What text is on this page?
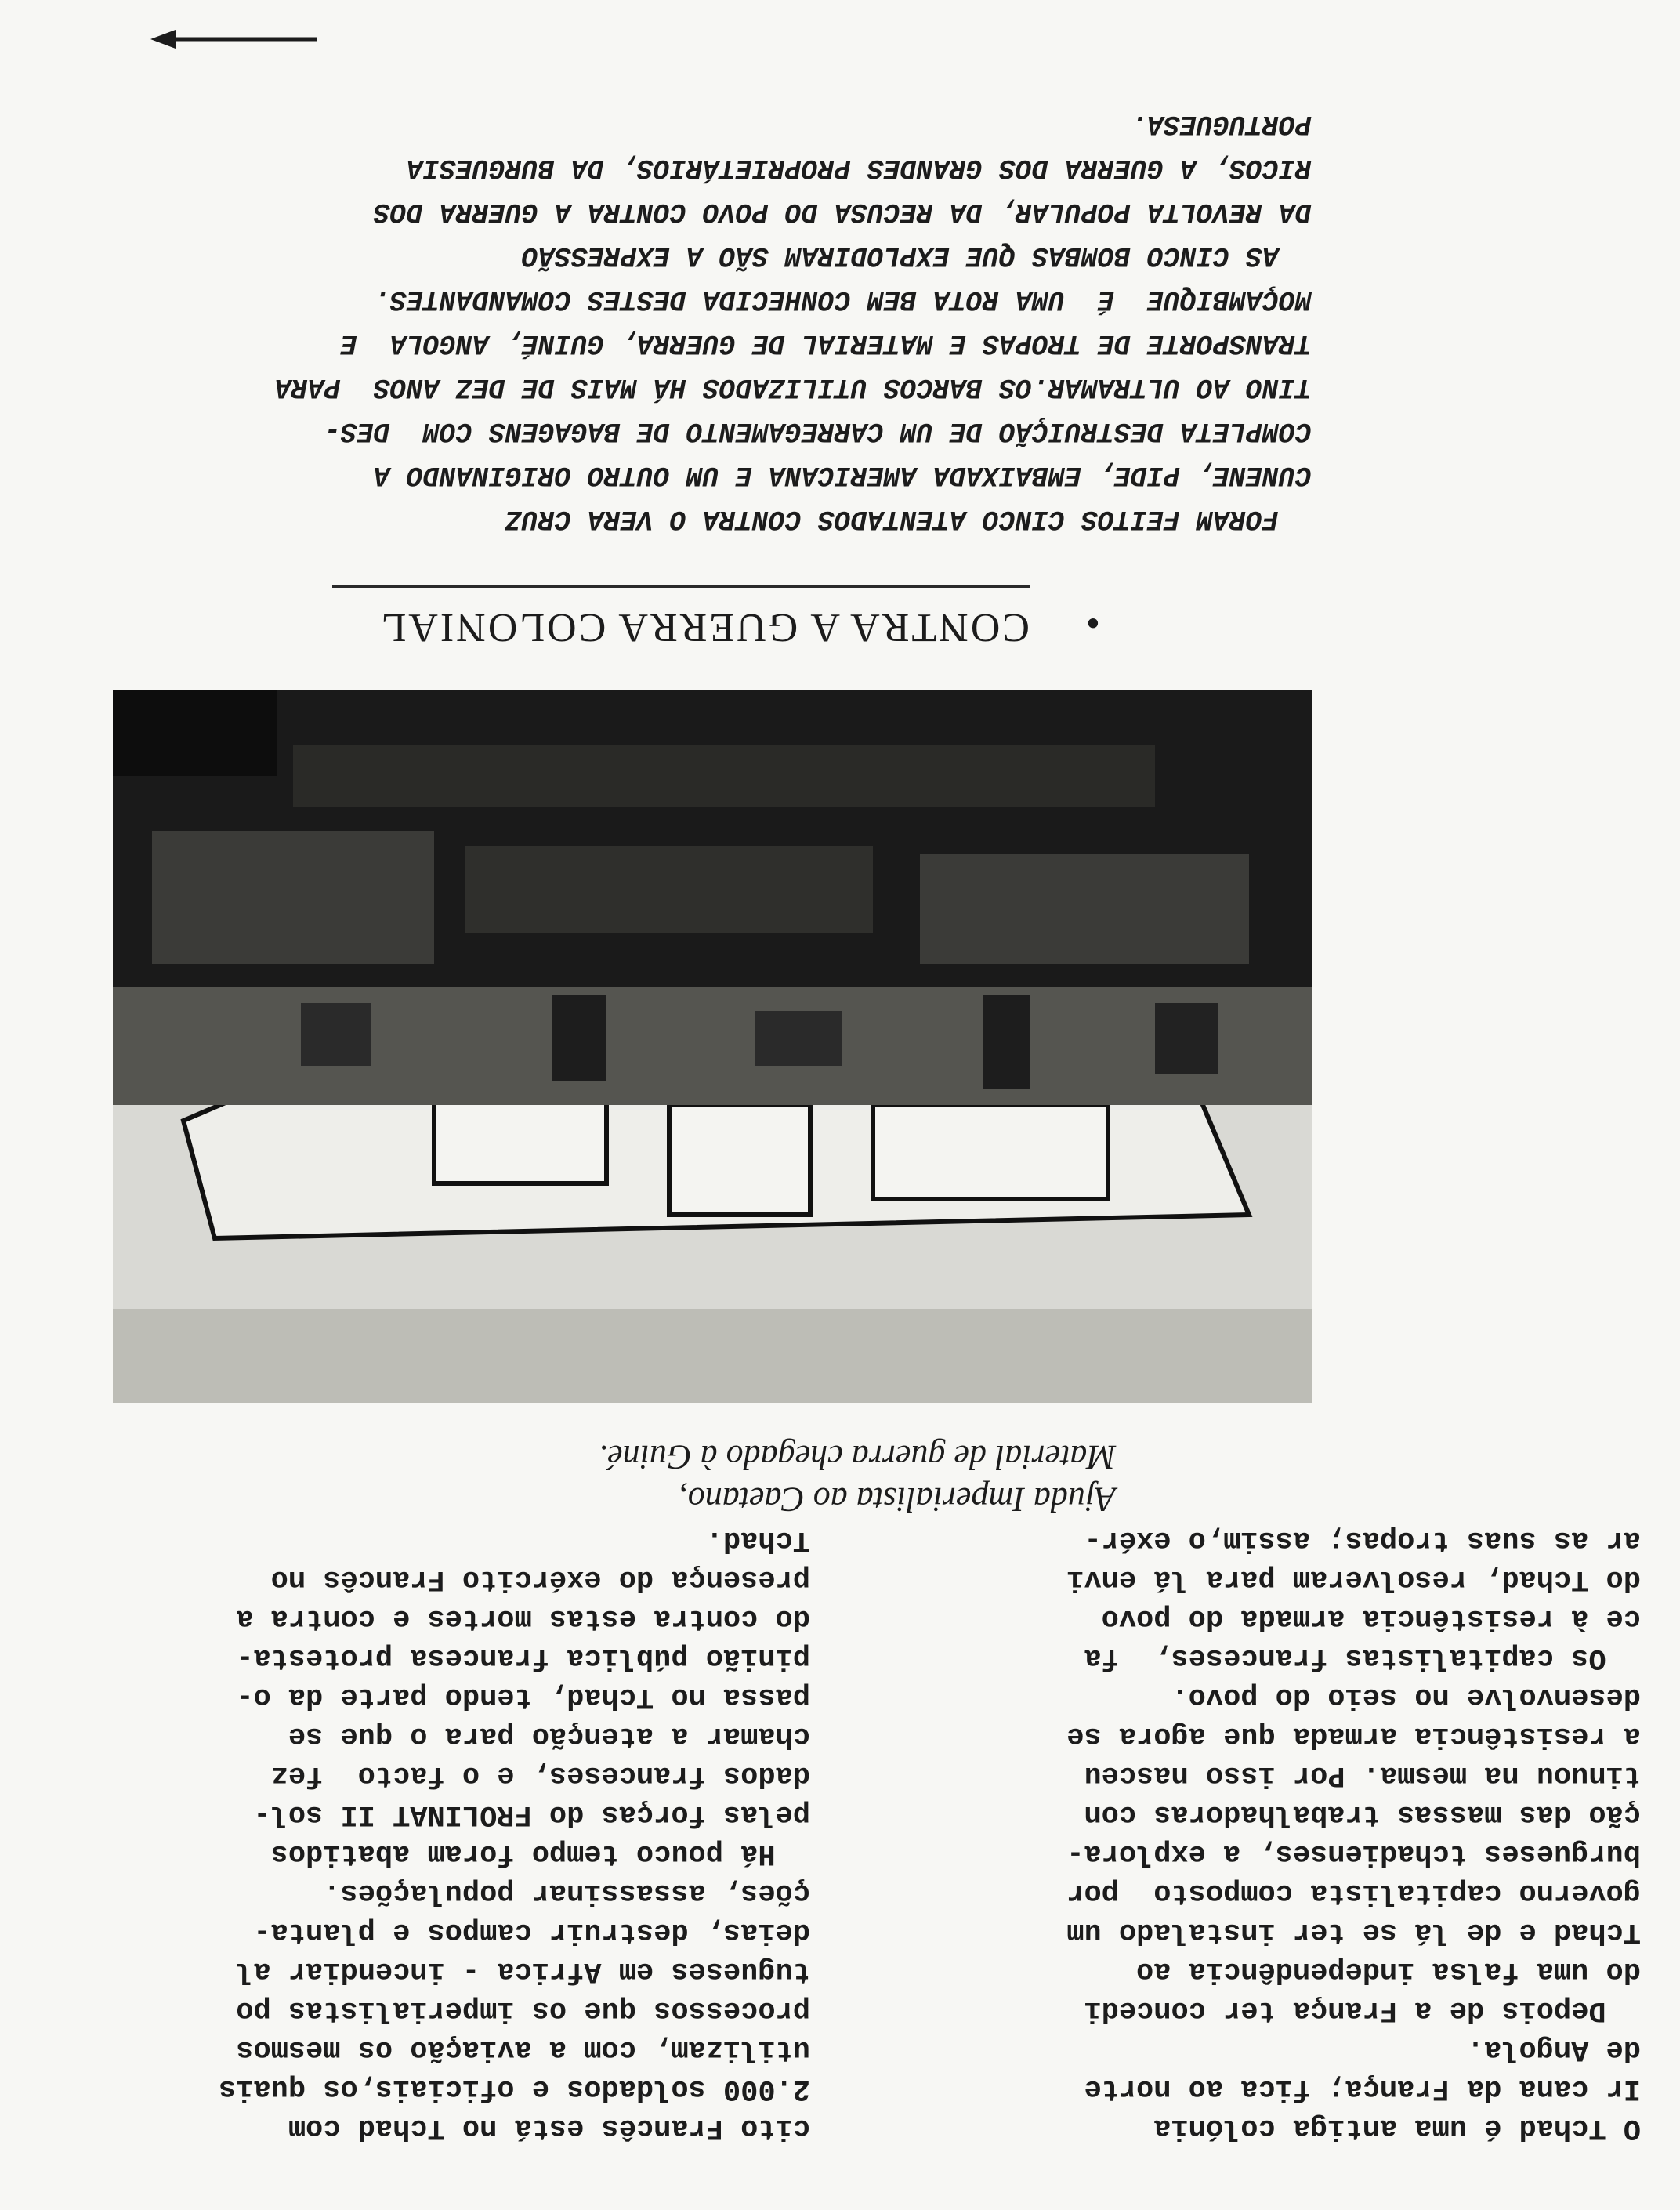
O Tchad é uma antiga colónia
Ir cana da França; fica ao norte
de Angola.
Depois de a França ter concedi
do uma falsa independência ao
Tchad e de lá se ter instalado um
governo capitalista composto  por
burgueses tchadienses, a explora-
ção das massas trabalhadoras con
tinuou na mesma. Por isso nasceu
a resistência armada que agora se
desenvolve no seio do povo.
Os capitalistas franceses,  fa
ce à resistência armada do povo
do Tchad, resolveram para lá envi
ar as suas tropas; assim,o exér-
cito Francês está no Tchad com
2.000 soldados e oficiais,os quais
utilizam, com a aviação os mesmos
processos que os imperialistas po
tugueses em Africa - incendiar al
deias, destruir campos e planta-
ções, assassinar populações.
Há pouco tempo foram abatidos
pelas forças do FROLINAT II sol-
dados franceses, e o facto  fez
chamar a atenção para o que se
passa no Tchad, tendo parte da o-
pinião pública francesa protesta-
do contra estas mortes e contra a
presença do exército Francês no
Tchad.
Ajuda Imperialista ao Caetano,
Material de guerra chegado à Guiné.
•
CONTRA A GUERRA COLONIAL
FORAM FEITOS CINCO ATENTADOS CONTRA O VERA CRUZ
CUNENE, PIDE, EMBAIXADA AMERICANA E UM OUTRO ORIGINANDO A
COMPLETA DESTRUIÇÃO DE UM CARREGAMENTO DE BAGAGENS COM  DES-
TINO AO ULTRAMAR.OS BARCOS UTILIZADOS HÁ MAIS DE DEZ ANOS  PARA
TRANSPORTE DE TROPAS E MATERIAL DE GUERRA, GUINÉ, ANGOLA  E
MOÇAMBIQUE  É  UMA ROTA BEM CONHECIDA DESTES COMANDANTES.
AS CINCO BOMBAS QUE EXPLODIRAM SÃO A EXPRESSÃO
DA REVOLTA POPULAR, DA RECUSA DO POVO CONTRA A GUERRA DOS
RICOS, A GUERRA DOS GRANDES PROPRIETÁRIOS, DA BURGUESIA
PORTUGUESA.
